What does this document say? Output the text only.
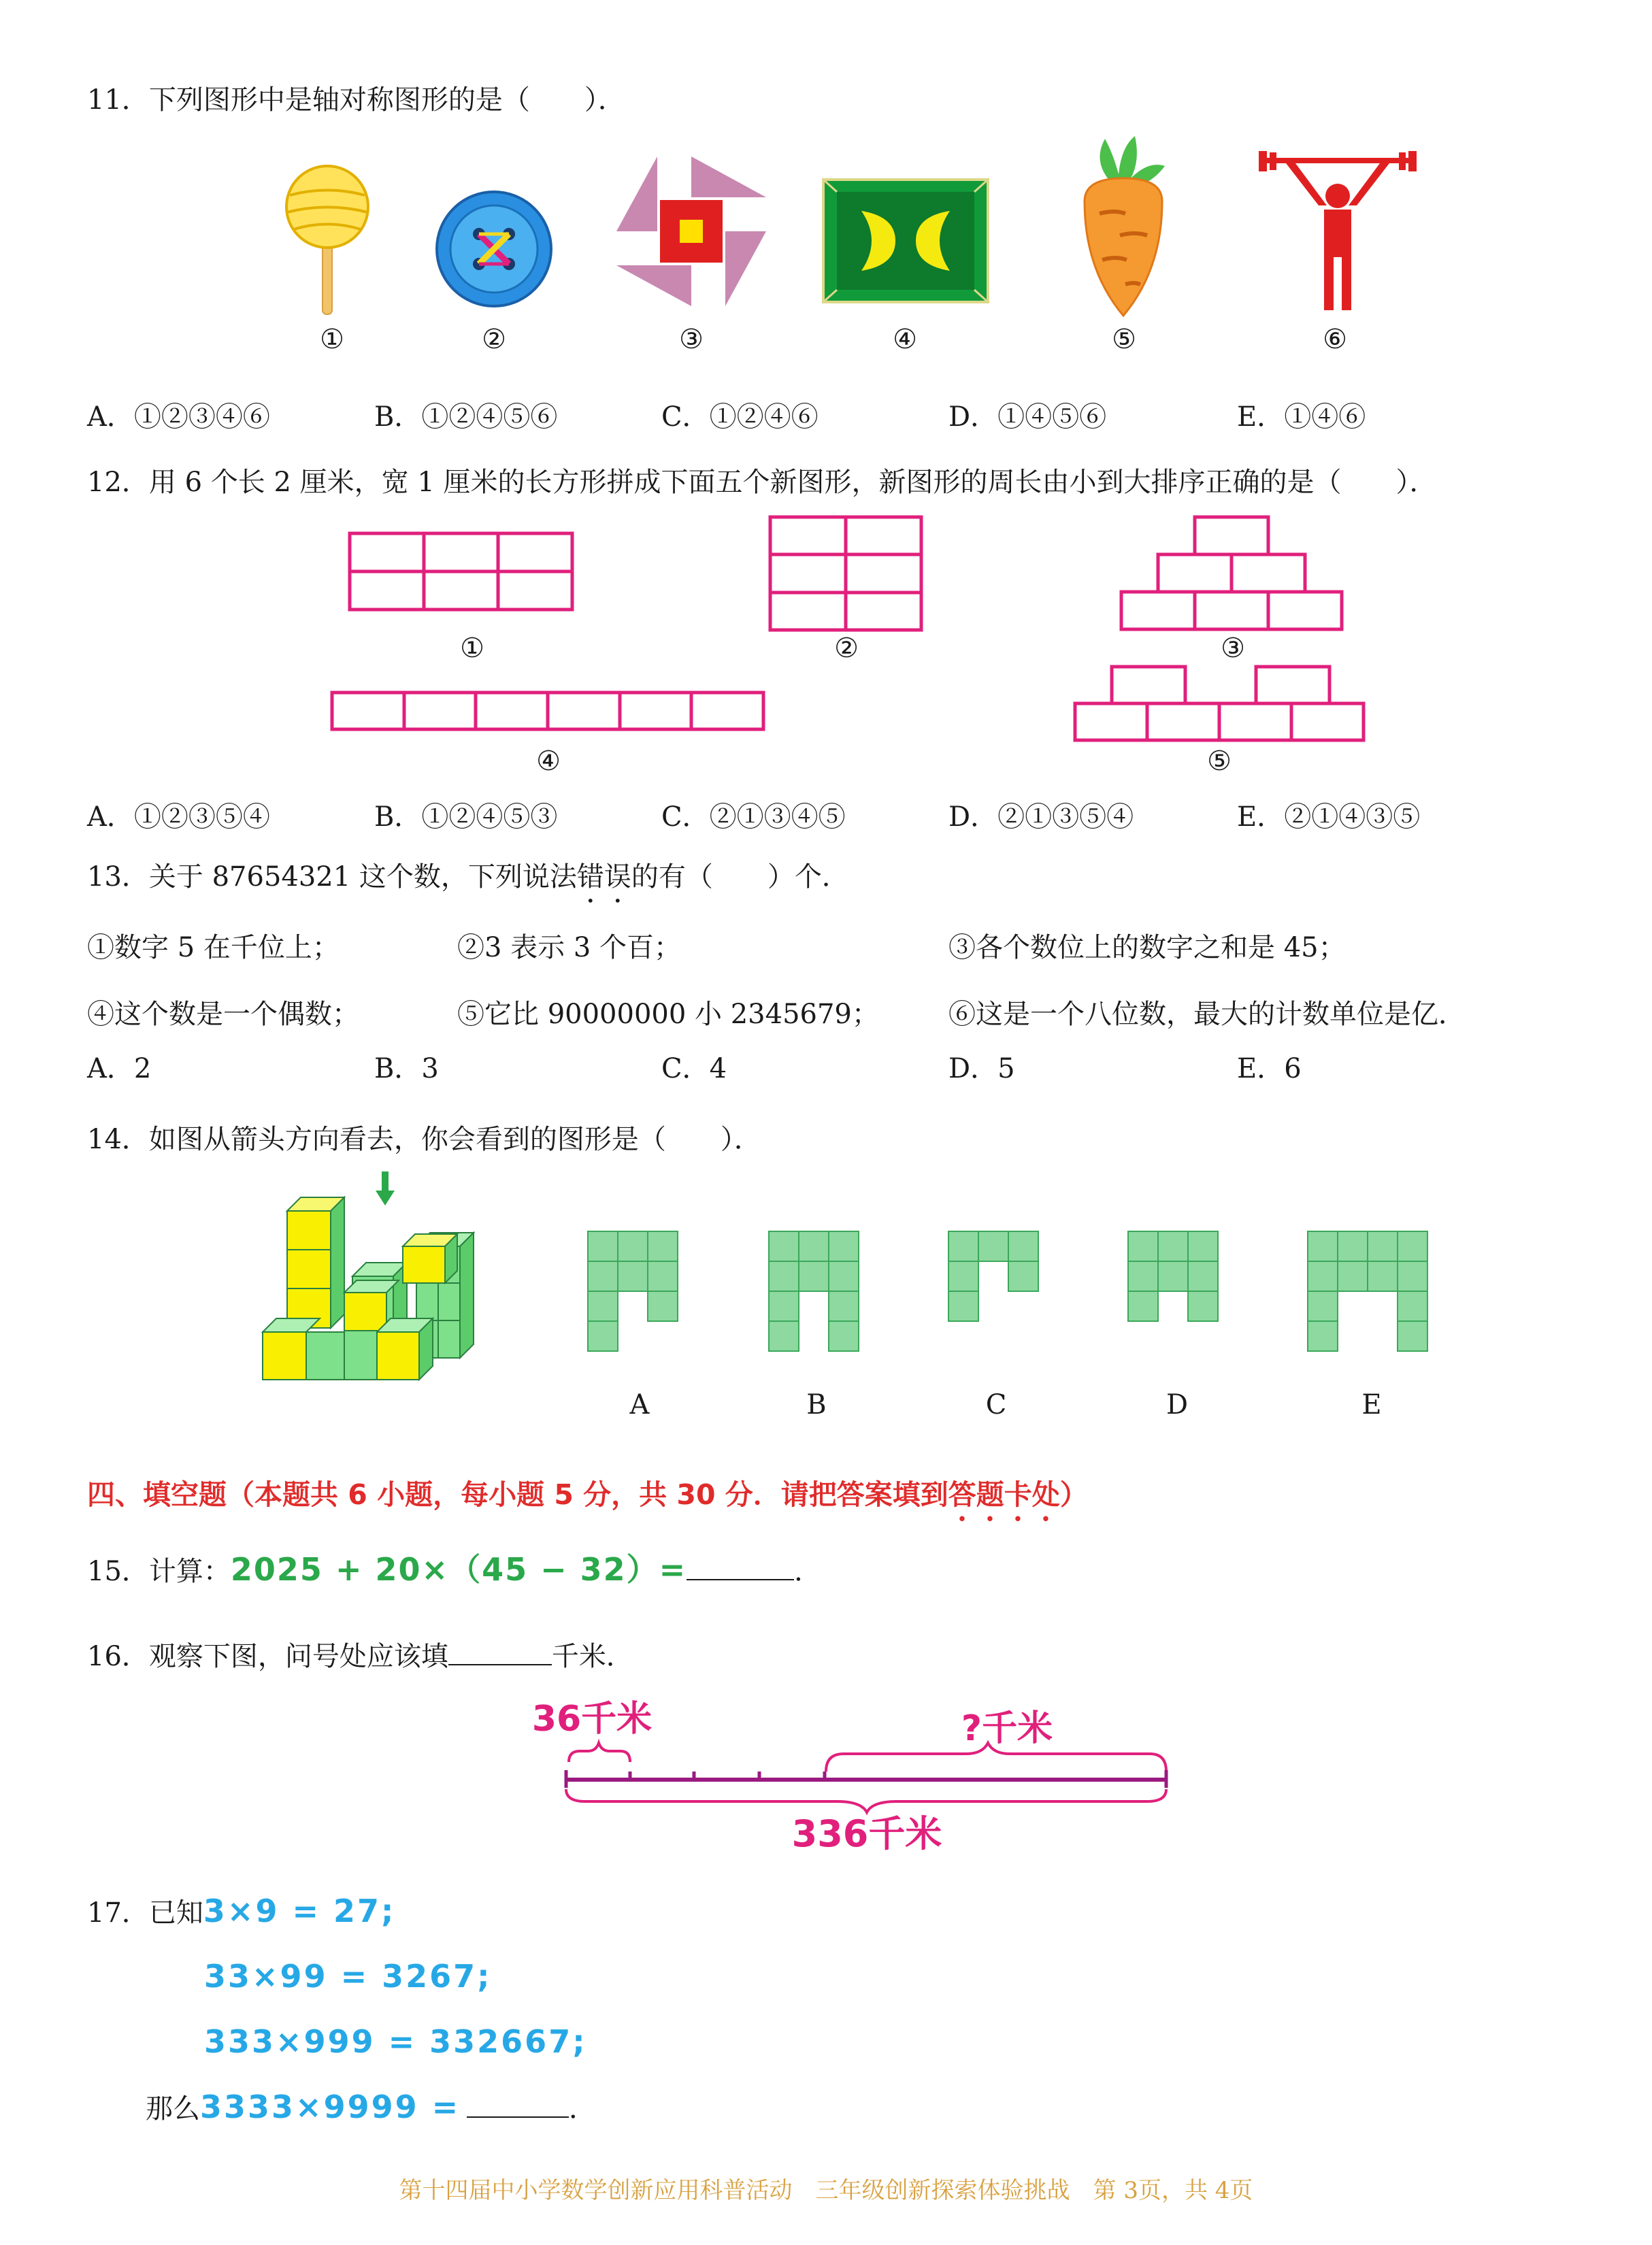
11．下列图形中是轴对称图形的是（　　）．
①	②	③	④	⑤	⑥
A．①②③④⑥	B．①②④⑤⑥	C．①②④⑥	D．①④⑤⑥	E．①④⑥
12．用 6 个长 2 厘米，宽 1 厘米的长方形拼成下面五个新图形，新图形的周长由小到大排序正确的是（　　）．
①	②	③
④	⑤
A．①②③⑤④	B．①②④⑤③	C．②①③④⑤	D．②①③⑤④	E．②①④③⑤
13．关于 87654321 这个数，下列说法错误的有（　　）个．
①数字 5 在千位上；	②3 表示 3 个百；	③各个数位上的数字之和是 45；
④这个数是一个偶数；	⑤它比 90000000 小 2345679；	⑥这是一个八位数，最大的计数单位是亿．
A．2	B．3	C．4	D．5	E．6
14．如图从箭头方向看去，你会看到的图形是（　　）．
A	B	C	D	E
四、填空题（本题共 6 小题，每小题 5 分，共 30 分．请把答案填到答题卡处）
15．计算：2025 + 20×（45 − 32）=	．
16．观察下图，问号处应该填	千米．
36千米	?千米
336千米
17．已知3×9 = 27;
33×99 = 3267;
333×999 = 332667;
那么3333×9999 =	．
第十四届中小学数学创新应用科普活动　三年级创新探索体验挑战　第 3页，共 4页
